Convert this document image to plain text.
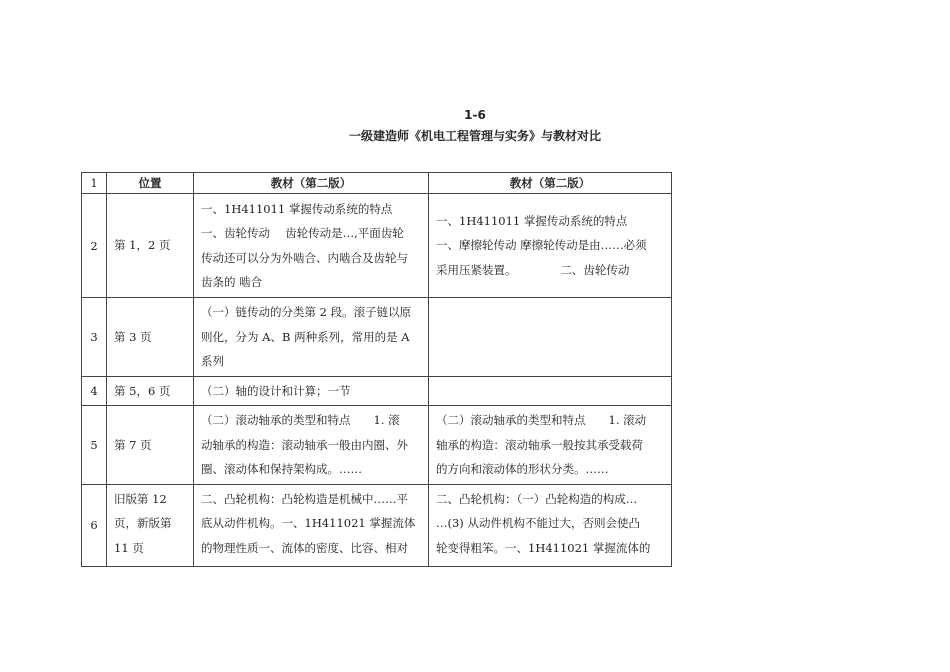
1-6
一级建造师《机电工程管理与实务》与教材对比
1	位置	教材（第二版）	教材（第二版）
2	第 1，2 页	一、1H411011 掌握传动系统的特点
一、齿轮传动　 齿轮传动是…,平面齿轮
传动还可以分为外啮合、内啮合及齿轮与
齿条的 啮合	一、1H411011 掌握传动系统的特点
一、摩擦轮传动 摩擦轮传动是由……必须
采用压紧装置。　　　　 二、齿轮传动

3	第 3 页	（一）链传动的分类第 2 段。滚子链以原
则化，分为 A、B 两种系列，常用的是 A
系列	

4	第 5，6 页	（二）轴的设计和计算；一节	

5	第 7 页	（二）滚动轴承的类型和特点　　1. 滚
动轴承的构造：滚动轴承一般由内圈、外
圈、滚动体和保持架构成。……	（二）滚动轴承的类型和特点　　1. 滚动
轴承的构造：滚动轴承一般按其承受载荷
的方向和滚动体的形状分类。……

6	旧版第 12
页，新版第
11 页	二、凸轮机构：凸轮构造是机械中……平
底从动件机构。一、1H411021 掌握流体
的物理性质一、流体的密度、比容、相对	二、凸轮机构：（一）凸轮构造的构成…
…(3) 从动件机构不能过大，否则会使凸
轮变得粗笨。一、1H411021 掌握流体的
